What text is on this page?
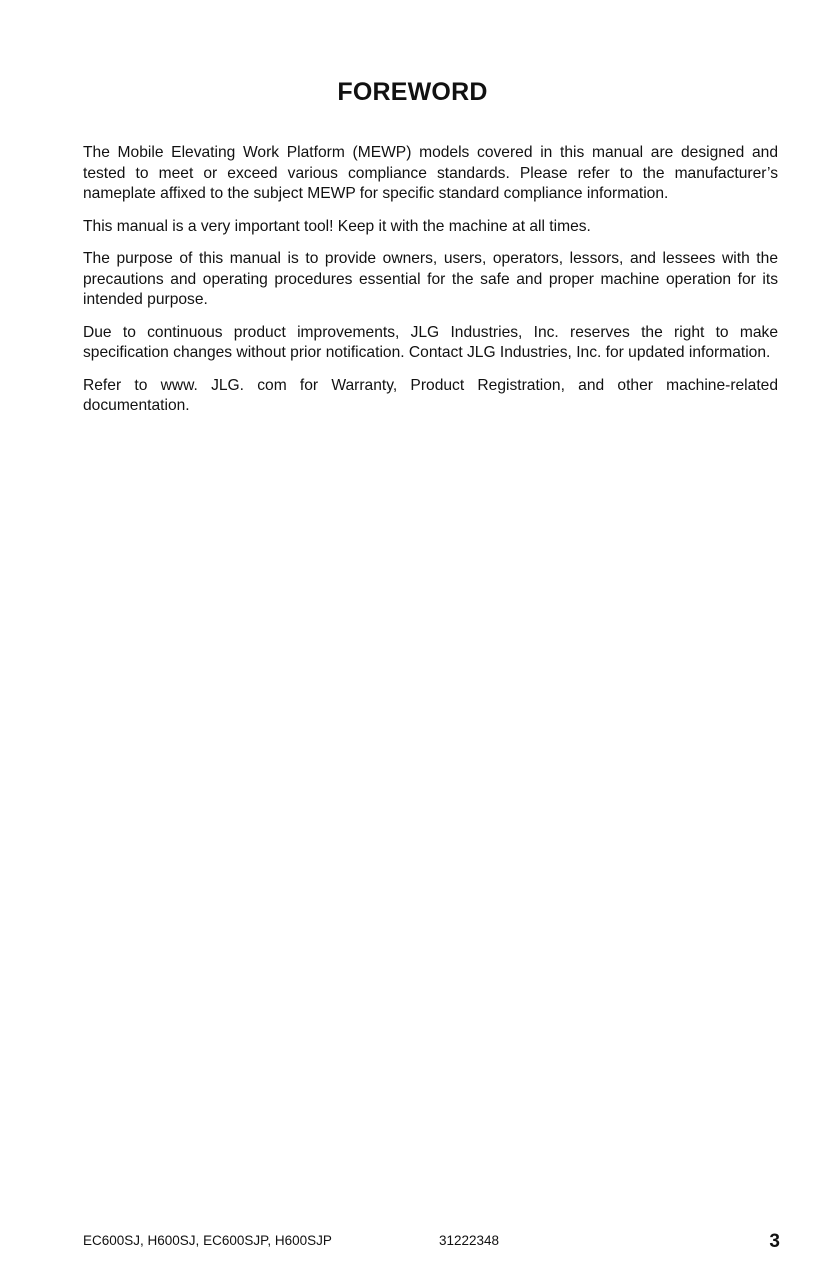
FOREWORD

The Mobile Elevating Work Platform (MEWP) models covered in this manual are designed and tested to meet or exceed various compliance standards. Please refer to the manufacturer’s nameplate affixed to the subject MEWP for specific standard compliance information.

This manual is a very important tool! Keep it with the machine at all times.

The purpose of this manual is to provide owners, users, operators, lessors, and lessees with the precautions and operating procedures essential for the safe and proper machine operation for its intended purpose.

Due to continuous product improvements, JLG Industries, Inc. reserves the right to make specification changes without prior notification. Contact JLG Industries, Inc. for updated information.

Refer to www. JLG. com for Warranty, Product Registration, and other machine-related documentation.

EC600SJ, H600SJ, EC600SJP, H600SJP	31222348	3
